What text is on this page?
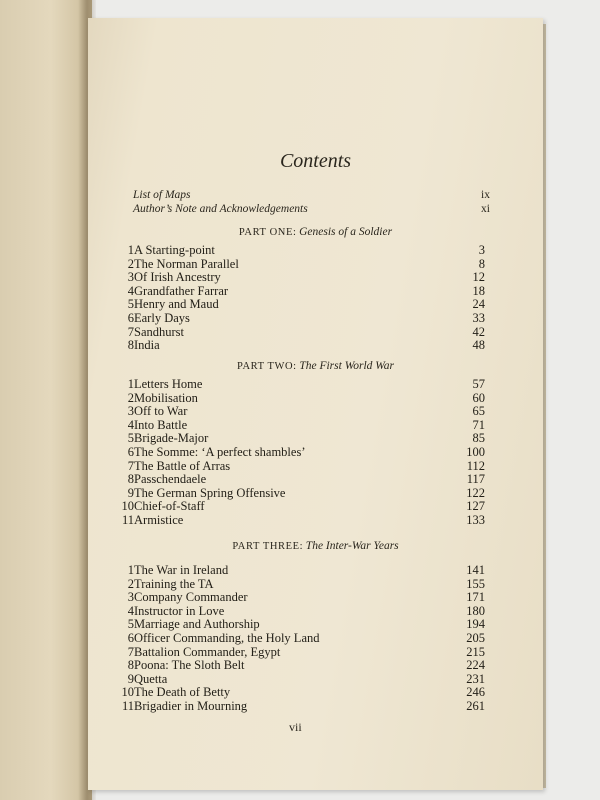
Contents
List of Maps	ix
Author’s Note and Acknowledgements	xi
PART ONE: Genesis of a Soldier
1 A Starting-point	3
2 The Norman Parallel	8
3 Of Irish Ancestry	12
4 Grandfather Farrar	18
5 Henry and Maud	24
6 Early Days	33
7 Sandhurst	42
8 India	48
PART TWO: The First World War
1 Letters Home	57
2 Mobilisation	60
3 Off to War	65
4 Into Battle	71
5 Brigade-Major	85
6 The Somme: ‘A perfect shambles’	100
7 The Battle of Arras	112
8 Passchendaele	117
9 The German Spring Offensive	122
10 Chief-of-Staff	127
11 Armistice	133
PART THREE: The Inter-War Years
1 The War in Ireland	141
2 Training the TA	155
3 Company Commander	171
4 Instructor in Love	180
5 Marriage and Authorship	194
6 Officer Commanding, the Holy Land	205
7 Battalion Commander, Egypt	215
8 Poona: The Sloth Belt	224
9 Quetta	231
10 The Death of Betty	246
11 Brigadier in Mourning	261
vii
